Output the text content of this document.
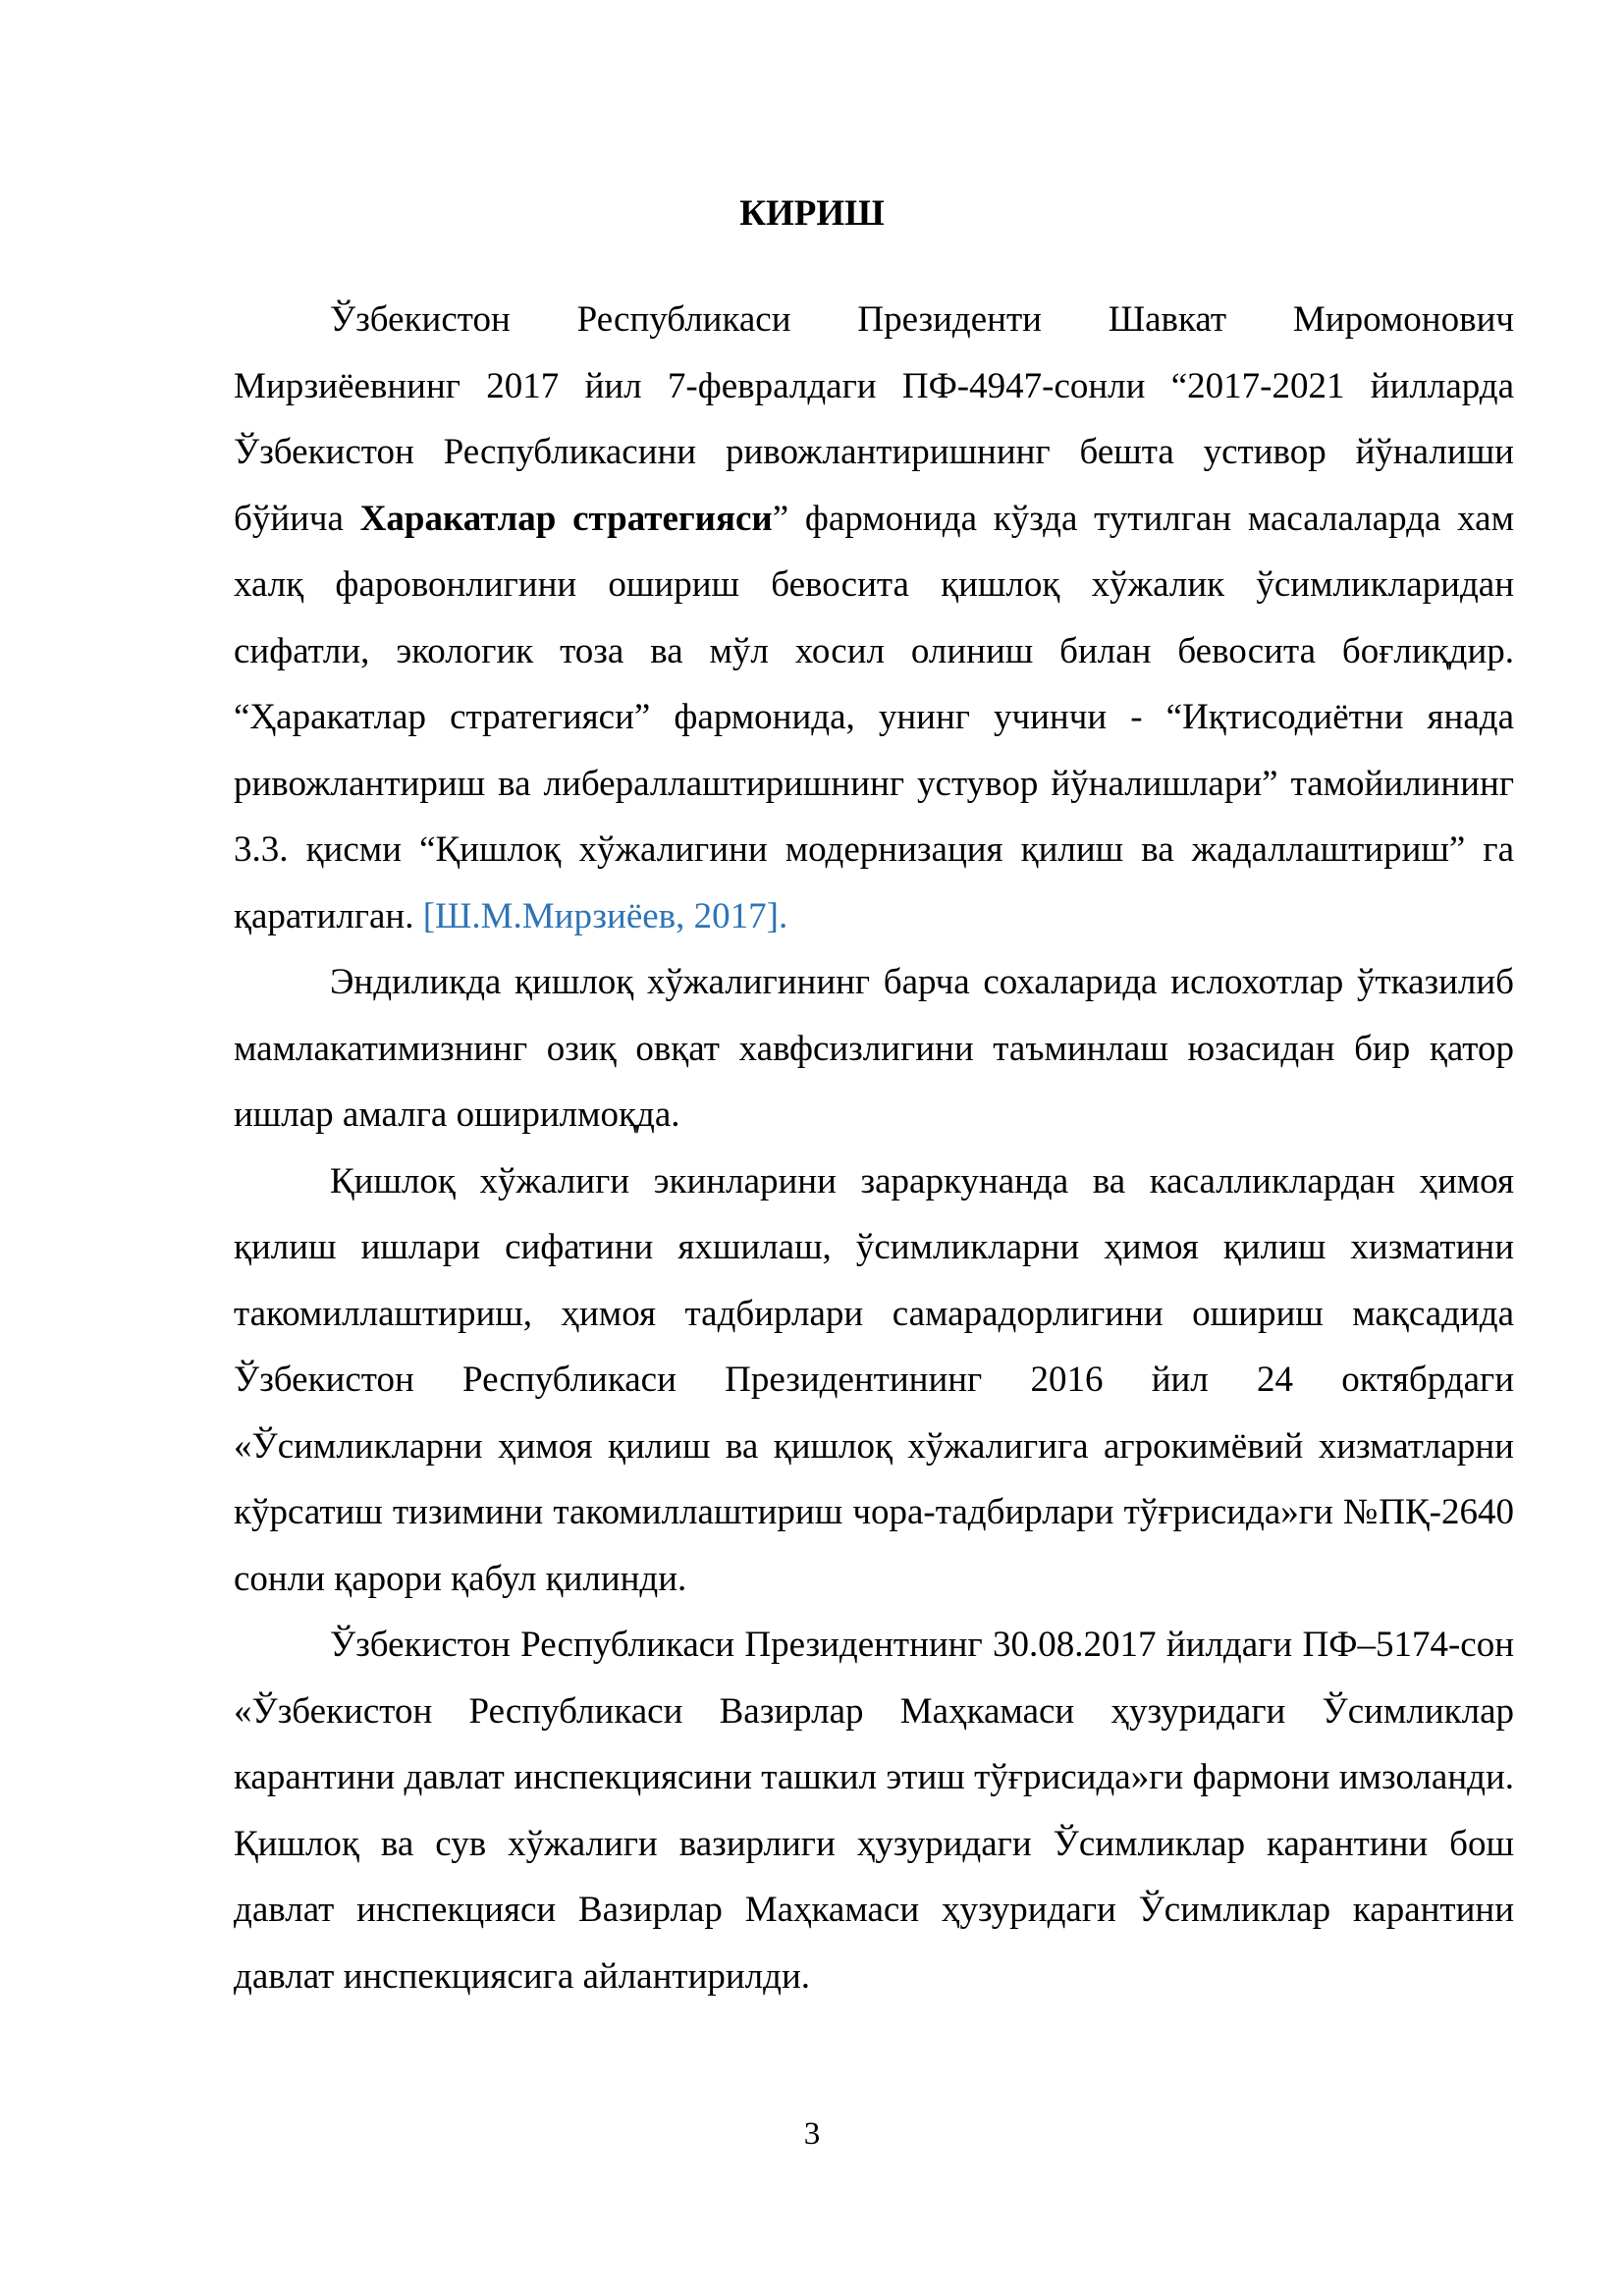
КИРИШ

Ўзбекистон Республикаси Президенти Шавкат Миромонович Мирзиёевнинг 2017 йил 7-февралдаги ПФ-4947-сонли “2017-2021 йилларда Ўзбекистон Республикасини ривожлантиришнинг бешта устивор йўналиши бўйича Харакатлар стратегияси” фармонида кўзда тутилган масалаларда хам халқ фаровонлигини ошириш бевосита қишлоқ хўжалик ўсимликларидан сифатли, экологик тоза ва мўл хосил олиниш билан бевосита боғлиқдир. “Ҳаракатлар стратегияси” фармонида, унинг учинчи - “Иқтисодиётни янада ривожлантириш ва либераллаштиришнинг устувор йўналишлари” тамойилининг 3.3. қисми “Қишлоқ хўжалигини модернизация қилиш ва жадаллаштириш” га қаратилган. [Ш.М.Мирзиёев, 2017].

Эндиликда қишлоқ хўжалигининг барча сохаларида ислохотлар ўтказилиб мамлакатимизнинг озиқ овқат хавфсизлигини таъминлаш юзасидан бир қатор ишлар амалга оширилмоқда.

Қишлоқ хўжалиги экинларини зараркунанда ва касалликлардан ҳимоя қилиш ишлари сифатини яхшилаш, ўсимликларни ҳимоя қилиш хизматини такомиллаштириш, ҳимоя тадбирлари самарадорлигини ошириш мақсадида Ўзбекистон Республикаси Президентининг 2016 йил 24 октябрдаги «Ўсимликларни ҳимоя қилиш ва қишлоқ хўжалигига агрокимёвий хизматларни кўрсатиш тизимини такомиллаштириш чора-тадбирлари тўғрисида»ги №ПҚ-2640 сонли қарори қабул қилинди.

Ўзбекистон Республикаси Президентнинг 30.08.2017 йилдаги ПФ–5174-сон «Ўзбекистон Республикаси Вазирлар Маҳкамаси ҳузуридаги Ўсимликлар карантини давлат инспекциясини ташкил этиш тўғрисида»ги фармони имзоланди. Қишлоқ ва сув хўжалиги вазирлиги ҳузуридаги Ўсимликлар карантини бош давлат инспекцияси Вазирлар Маҳкамаси ҳузуридаги Ўсимликлар карантини давлат инспекциясига айлантирилди.

3
